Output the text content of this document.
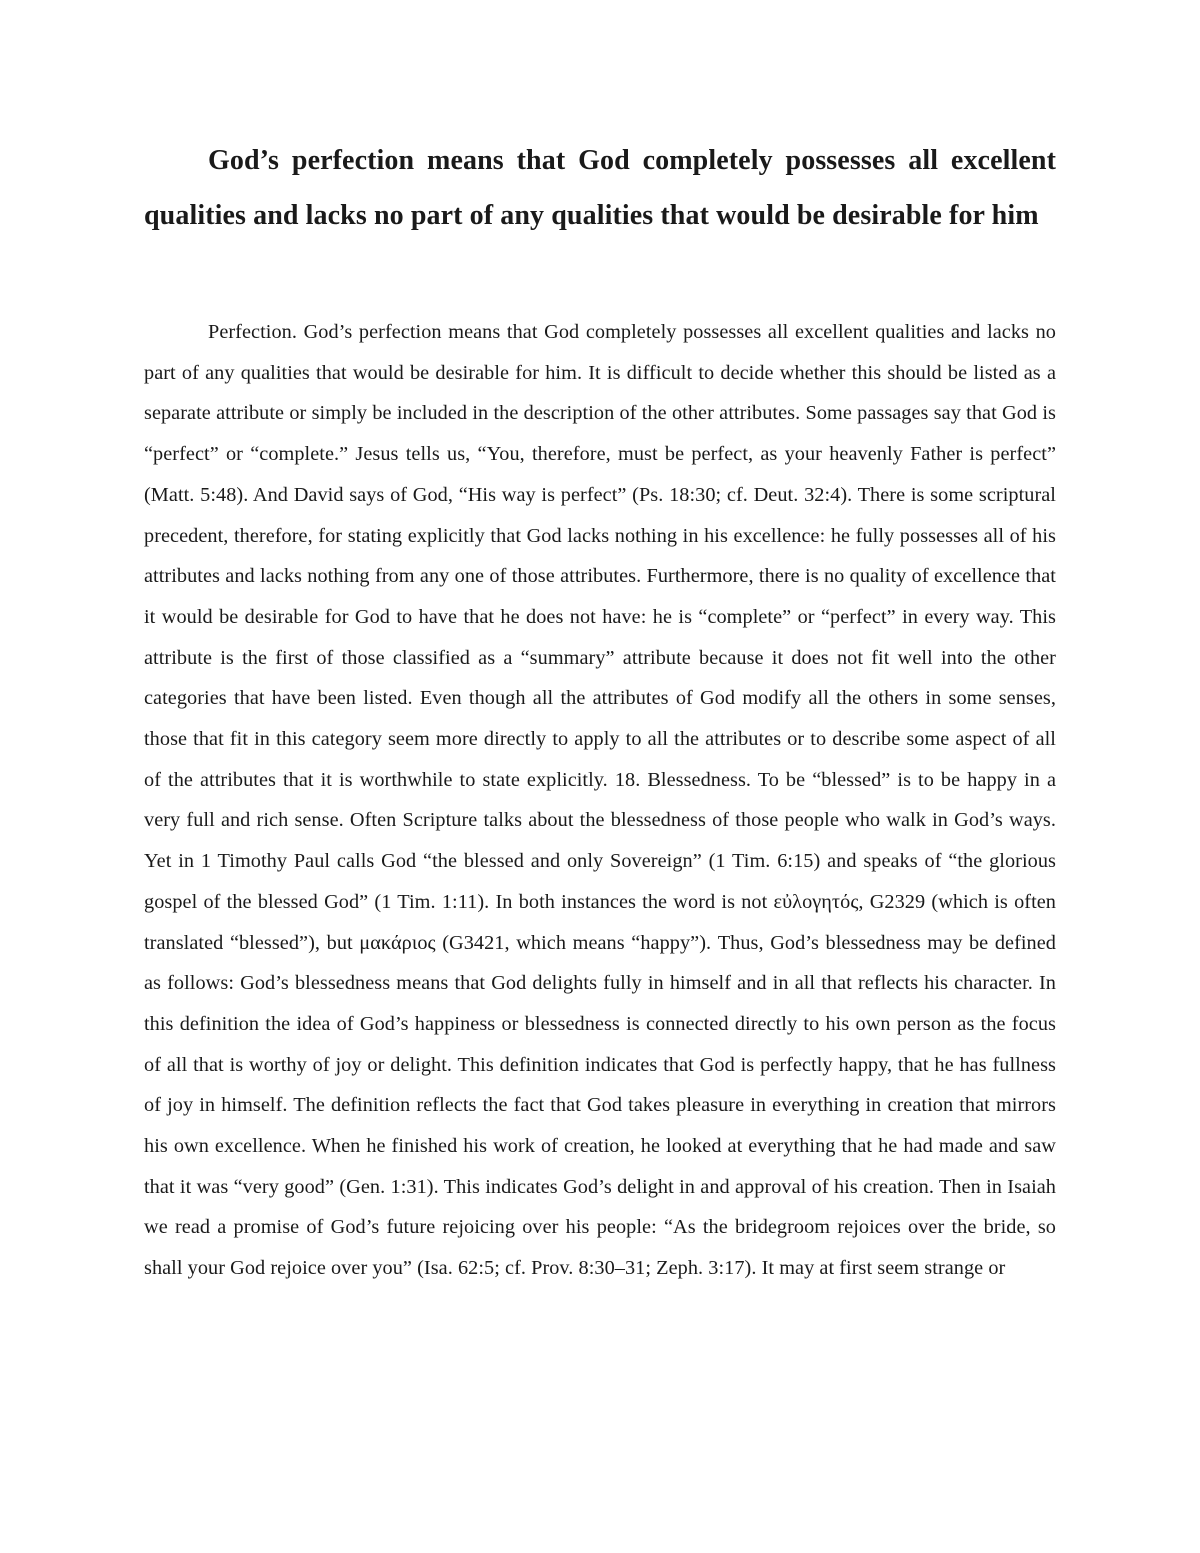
God’s perfection means that God completely possesses all excellent qualities and lacks no part of any qualities that would be desirable for him

Perfection. God’s perfection means that God completely possesses all excellent qualities and lacks no part of any qualities that would be desirable for him. It is difficult to decide whether this should be listed as a separate attribute or simply be included in the description of the other attributes. Some passages say that God is “perfect” or “complete.” Jesus tells us, “You, therefore, must be perfect, as your heavenly Father is perfect” (Matt. 5:48). And David says of God, “His way is perfect” (Ps. 18:30; cf. Deut. 32:4). There is some scriptural precedent, therefore, for stating explicitly that God lacks nothing in his excellence: he fully possesses all of his attributes and lacks nothing from any one of those attributes. Furthermore, there is no quality of excellence that it would be desirable for God to have that he does not have: he is “complete” or “perfect” in every way. This attribute is the first of those classified as a “summary” attribute because it does not fit well into the other categories that have been listed. Even though all the attributes of God modify all the others in some senses, those that fit in this category seem more directly to apply to all the attributes or to describe some aspect of all of the attributes that it is worthwhile to state explicitly. 18. Blessedness. To be “blessed” is to be happy in a very full and rich sense. Often Scripture talks about the blessedness of those people who walk in God’s ways. Yet in 1 Timothy Paul calls God “the blessed and only Sovereign” (1 Tim. 6:15) and speaks of “the glorious gospel of the blessed God” (1 Tim. 1:11). In both instances the word is not εὐλογητός, G2329 (which is often translated “blessed”), but μακάριος (G3421, which means “happy”). Thus, God’s blessedness may be defined as follows: God’s blessedness means that God delights fully in himself and in all that reflects his character. In this definition the idea of God’s happiness or blessedness is connected directly to his own person as the focus of all that is worthy of joy or delight. This definition indicates that God is perfectly happy, that he has fullness of joy in himself. The definition reflects the fact that God takes pleasure in everything in creation that mirrors his own excellence. When he finished his work of creation, he looked at everything that he had made and saw that it was “very good” (Gen. 1:31). This indicates God’s delight in and approval of his creation. Then in Isaiah we read a promise of God’s future rejoicing over his people: “As the bridegroom rejoices over the bride, so shall your God rejoice over you” (Isa. 62:5; cf. Prov. 8:30–31; Zeph. 3:17). It may at first seem strange or
